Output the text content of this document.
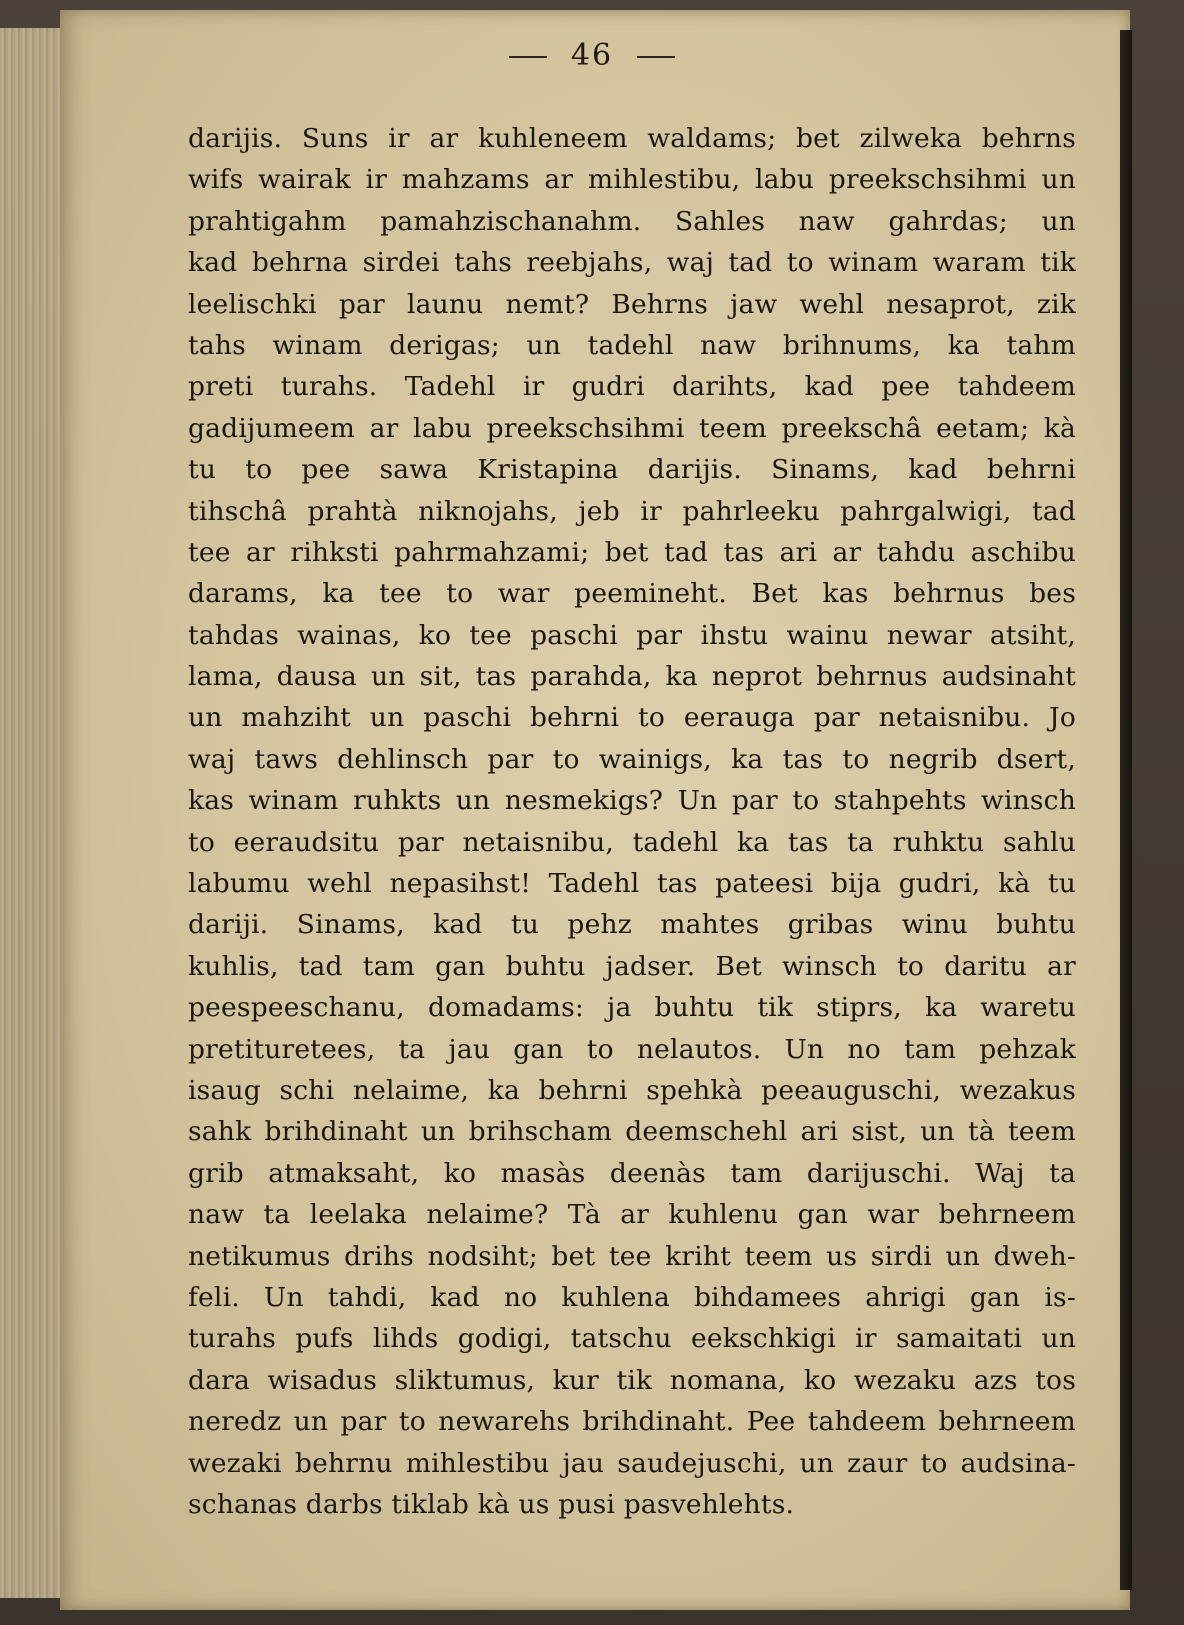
46
darijis. Suns ir ar kuhleneem waldams; bet zilweka behrns
wifs wairak ir mahzams ar mihlestibu, labu preekschsihmi un
prahtigahm pamahzischanahm. Sahles naw gahrdas; un
kad behrna sirdei tahs reebjahs, waj tad to winam waram tik
leelischki par launu nemt? Behrns jaw wehl nesaprot, zik
tahs winam derigas; un tadehl naw brihnums, ka tahm
preti turahs. Tadehl ir gudri darihts, kad pee tahdeem
gadijumeem ar labu preekschsihmi teem preekschâ eetam; kà
tu to pee sawa Kristapina darijis. Sinams, kad behrni
tihschâ prahtà niknojahs, jeb ir pahrleeku pahrgalwigi, tad
tee ar rihksti pahrmahzami; bet tad tas ari ar tahdu aschibu
darams, ka tee to war peemineht. Bet kas behrnus bes
tahdas wainas, ko tee paschi par ihstu wainu newar atsiht,
lama, dausa un sit, tas parahda, ka neprot behrnus audsinaht
un mahziht un paschi behrni to eerauga par netaisnibu. Jo
waj taws dehlinsch par to wainigs, ka tas to negrib dsert,
kas winam ruhkts un nesmekigs? Un par to stahpehts winsch
to eeraudsitu par netaisnibu, tadehl ka tas ta ruhktu sahlu
labumu wehl nepasihst! Tadehl tas pateesi bija gudri, kà tu
dariji. Sinams, kad tu pehz mahtes gribas winu buhtu
kuhlis, tad tam gan buhtu jadser. Bet winsch to daritu ar
peespeeschanu, domadams: ja buhtu tik stiprs, ka waretu
pretituretees, ta jau gan to nelautos. Un no tam pehzak
isaug schi nelaime, ka behrni spehkà peeauguschi, wezakus
sahk brihdinaht un brihscham deemschehl ari sist, un tà teem
grib atmaksaht, ko masàs deenàs tam darijuschi. Waj ta
naw ta leelaka nelaime? Tà ar kuhlenu gan war behrneem
netikumus drihs nodsiht; bet tee kriht teem us sirdi un dweh-
feli. Un tahdi, kad no kuhlena bihdamees ahrigi gan is-
turahs pufs lihds godigi, tatschu eekschkigi ir samaitati un
dara wisadus sliktumus, kur tik nomana, ko wezaku azs tos
neredz un par to newarehs brihdinaht. Pee tahdeem behrneem
wezaki behrnu mihlestibu jau saudejuschi, un zaur to audsina-
schanas darbs tiklab kà us pusi pasvehlehts.
